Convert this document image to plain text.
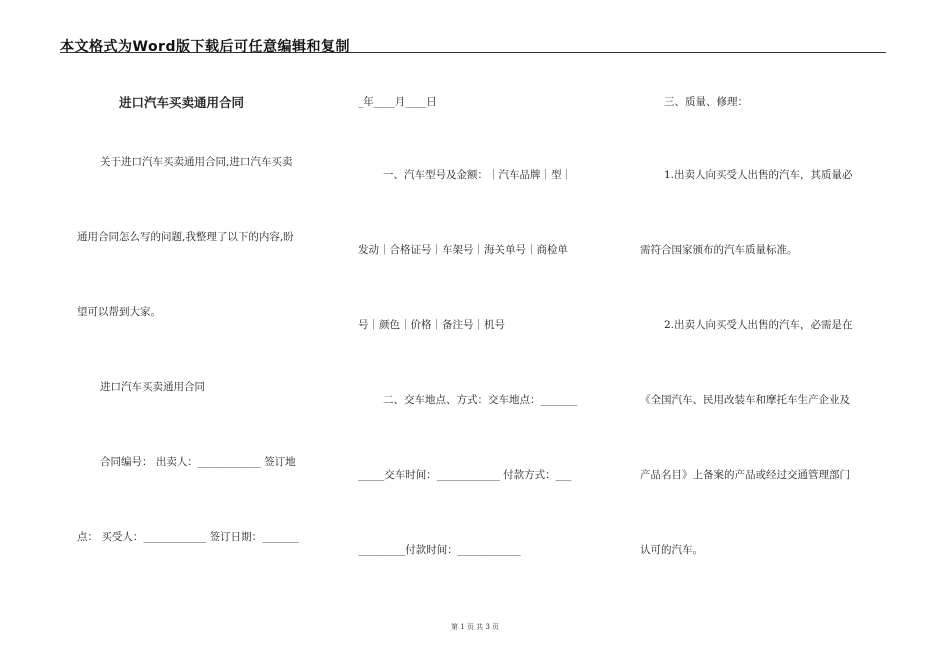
本文格式为Word版下载后可任意编辑和复制
进口汽车买卖通用合同
关于进口汽车买卖通用合同,进口汽车买卖
通用合同怎么写的问题,我整理了以下的内容,盼
望可以帮到大家。
进口汽车买卖通用合同
合同编号： 出卖人：____________ 签订地
点： 买受人：____________ 签订日期：_______
_年____月____日
一、汽车型号及金额：｜汽车品牌｜型｜
发动｜合格证号｜车架号｜海关单号｜商检单
号｜颜色｜价格｜备注号｜机号
二、交车地点、方式：交车地点：_______
_____交车时间：____________ 付款方式：___
_________付款时间：____________
三、质量、修理：
1.出卖人向买受人出售的汽车，其质量必
需符合国家颁布的汽车质量标准。
2.出卖人向买受人出售的汽车，必需是在
《全国汽车、民用改装车和摩托车生产企业及
产品名目》上备案的产品或经过交通管理部门
认可的汽车。
第 1 页 共 3 页
